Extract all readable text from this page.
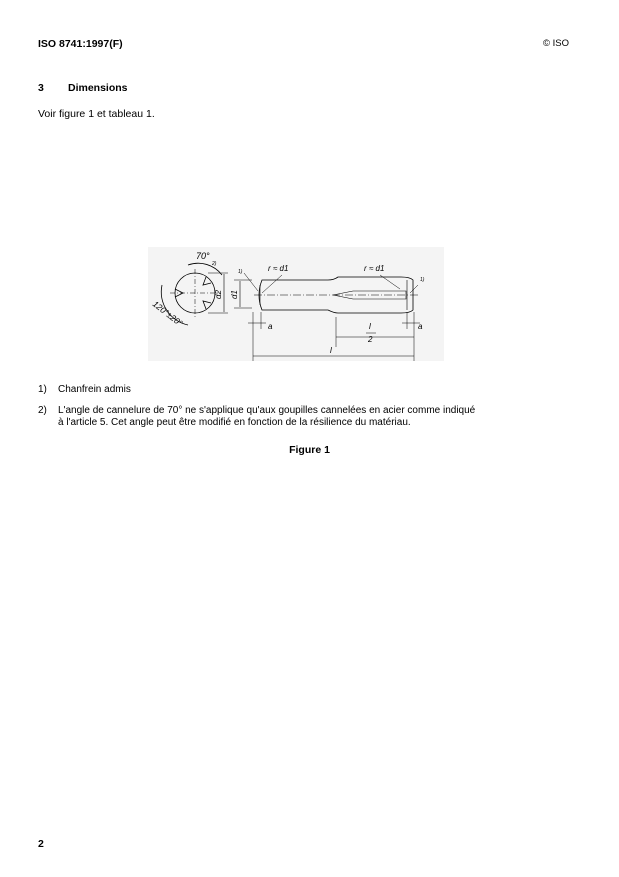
ISO 8741:1997(F)	© ISO
3 Dimensions
Voir figure 1 et tableau 1.
70°
2)
120°±20°
d2 d1
r ≈ d1	r ≈ d1
1)
1)
a	a
l
2
l
1) Chanfrein admis
2) L'angle de cannelure de 70° ne s'applique qu'aux goupilles cannelées en acier comme indiqué
à l'article 5. Cet angle peut être modifié en fonction de la résilience du matériau.
Figure 1
2
